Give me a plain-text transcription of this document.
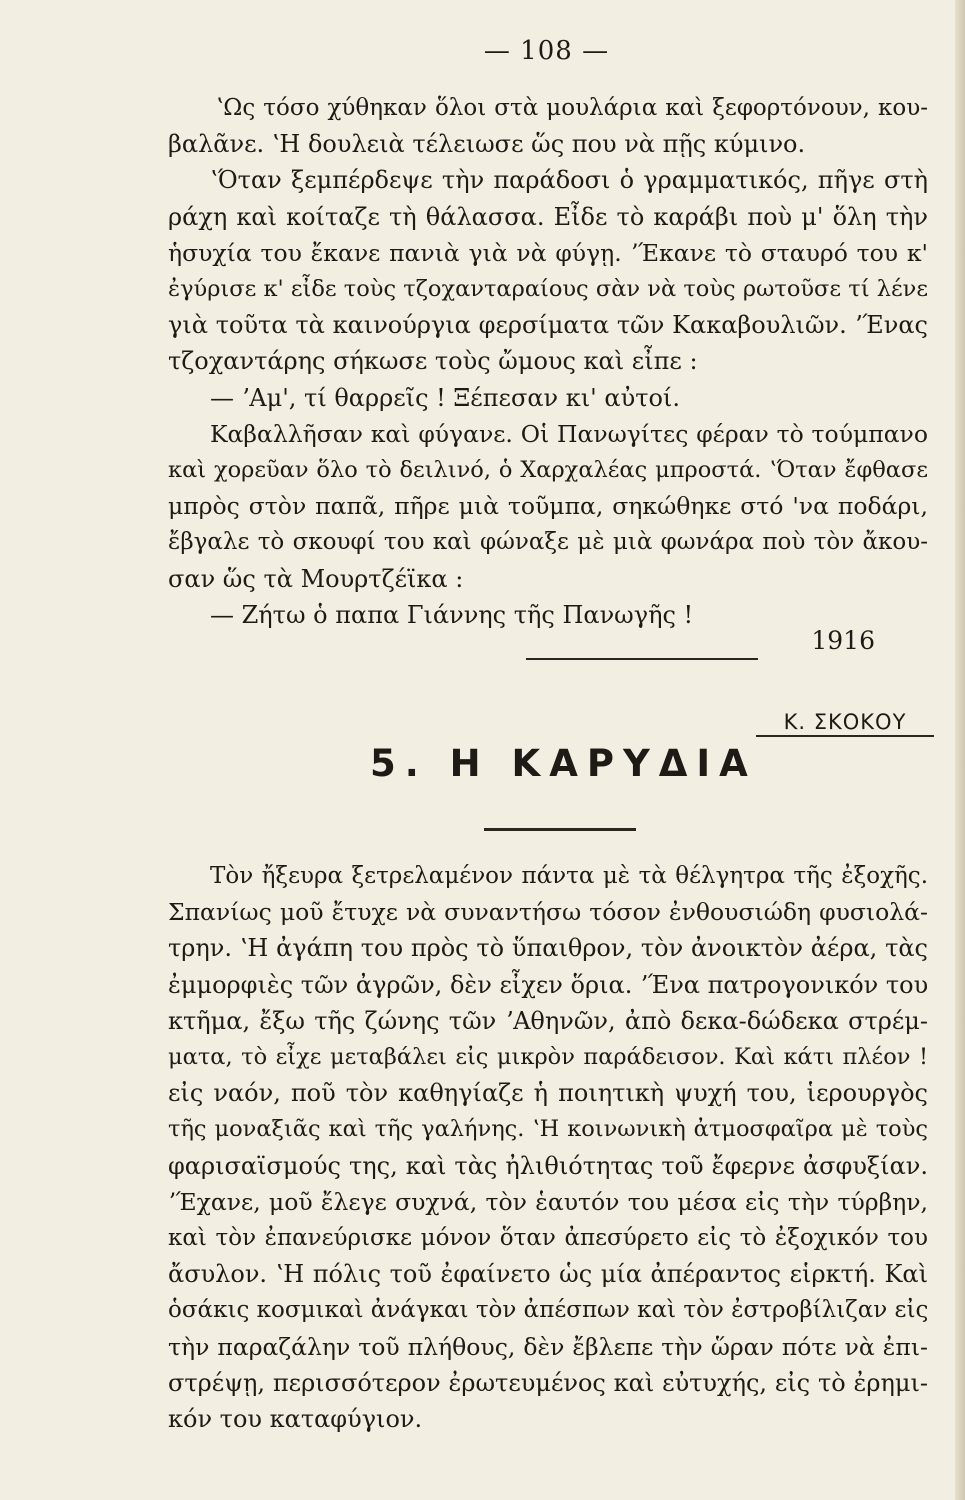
— 108 —
ʽΩς τόσο χύθηκαν ὅλοι στὰ μουλάρια καὶ ξεφορτόνουν, κου-
βαλᾶνε. ʽΗ δουλειὰ τέλειωσε ὥς που νὰ πῇς κύμινο.
ʽΌταν ξεμπέρδεψε τὴν παράδοσι ὁ γραμματικός, πῆγε στὴ
ράχη καὶ κοίταζε τὴ θάλασσα. Εἶδε τὸ καράβι ποὺ μ' ὅλη τὴν
ἡσυχία του ἔκανε πανιὰ γιὰ νὰ φύγῃ. ʼΈκανε τὸ σταυρό του κ'
ἐγύρισε κ' εἶδε τοὺς τζοχανταραίους σὰν νὰ τοὺς ρωτοῦσε τί λένε
γιὰ τοῦτα τὰ καινούργια φερσίματα τῶν Κακαβουλιῶν. ʼΈνας
τζοχαντάρης σήκωσε τοὺς ὤμους καὶ εἶπε :
— ʼΑμ', τί θαρρεῖς ! Ξέπεσαν κι' αὐτοί.
Καβαλλῆσαν καὶ φύγανε. Οἱ Πανωγίτες φέραν τὸ τούμπανο
καὶ χορεῦαν ὅλο τὸ δειλινό, ὁ Χαρχαλέας μπροστά. ʽΌταν ἔφθασε
μπρὸς στὸν παπᾶ, πῆρε μιὰ τοῦμπα, σηκώθηκε στό 'να ποδάρι,
ἔβγαλε τὸ σκουφί του καὶ φώναξε μὲ μιὰ φωνάρα ποὺ τὸν ἄκου-
σαν ὥς τὰ Μουρτζέϊκα :
— Ζήτω ὁ παπα Γιάννης τῆς Πανωγῆς !
1916
Κ. ΣΚΟΚΟΥ
5. Η ΚΑΡΥΔΙΑ
Τὸν ἤξευρα ξετρελαμένον πάντα μὲ τὰ θέλγητρα τῆς ἐξοχῆς.
Σπανίως μοῦ ἔτυχε νὰ συναντήσω τόσον ἐνθουσιώδη φυσιολά-
τρην. ʽΗ ἀγάπη του πρὸς τὸ ὕπαιθρον, τὸν ἀνοικτὸν ἀέρα, τὰς
ἐμμορφιὲς τῶν ἀγρῶν, δὲν εἶχεν ὅρια. ʼΈνα πατρογονικόν του
κτῆμα, ἔξω τῆς ζώνης τῶν ʼΑθηνῶν, ἀπὸ δεκα-δώδεκα στρέμ-
ματα, τὸ εἶχε μεταβάλει εἰς μικρὸν παράδεισον. Καὶ κάτι πλέον !
εἰς ναόν, ποῦ τὸν καθηγίαζε ἡ ποιητικὴ ψυχή του, ἱερουργὸς
τῆς μοναξιᾶς καὶ τῆς γαλήνης. ʽΗ κοινωνικὴ ἀτμοσφαῖρα μὲ τοὺς
φαρισαϊσμούς της, καὶ τὰς ἠλιθιότητας τοῦ ἔφερνε ἀσφυξίαν.
ʼΈχανε, μοῦ ἔλεγε συχνά, τὸν ἑαυτόν του μέσα εἰς τὴν τύρβην,
καὶ τὸν ἐπανεύρισκε μόνον ὅταν ἀπεσύρετο εἰς τὸ ἐξοχικόν του
ἄσυλον. ʽΗ πόλις τοῦ ἐφαίνετο ὡς μία ἀπέραντος εἱρκτή. Καὶ
ὁσάκις κοσμικαὶ ἀνάγκαι τὸν ἀπέσπων καὶ τὸν ἐστροβίλιζαν εἰς
τὴν παραζάλην τοῦ πλήθους, δὲν ἔβλεπε τὴν ὥραν πότε νὰ ἐπι-
στρέψῃ, περισσότερον ἐρωτευμένος καὶ εὐτυχής, εἰς τὸ ἐρημι-
κόν του καταφύγιον.
